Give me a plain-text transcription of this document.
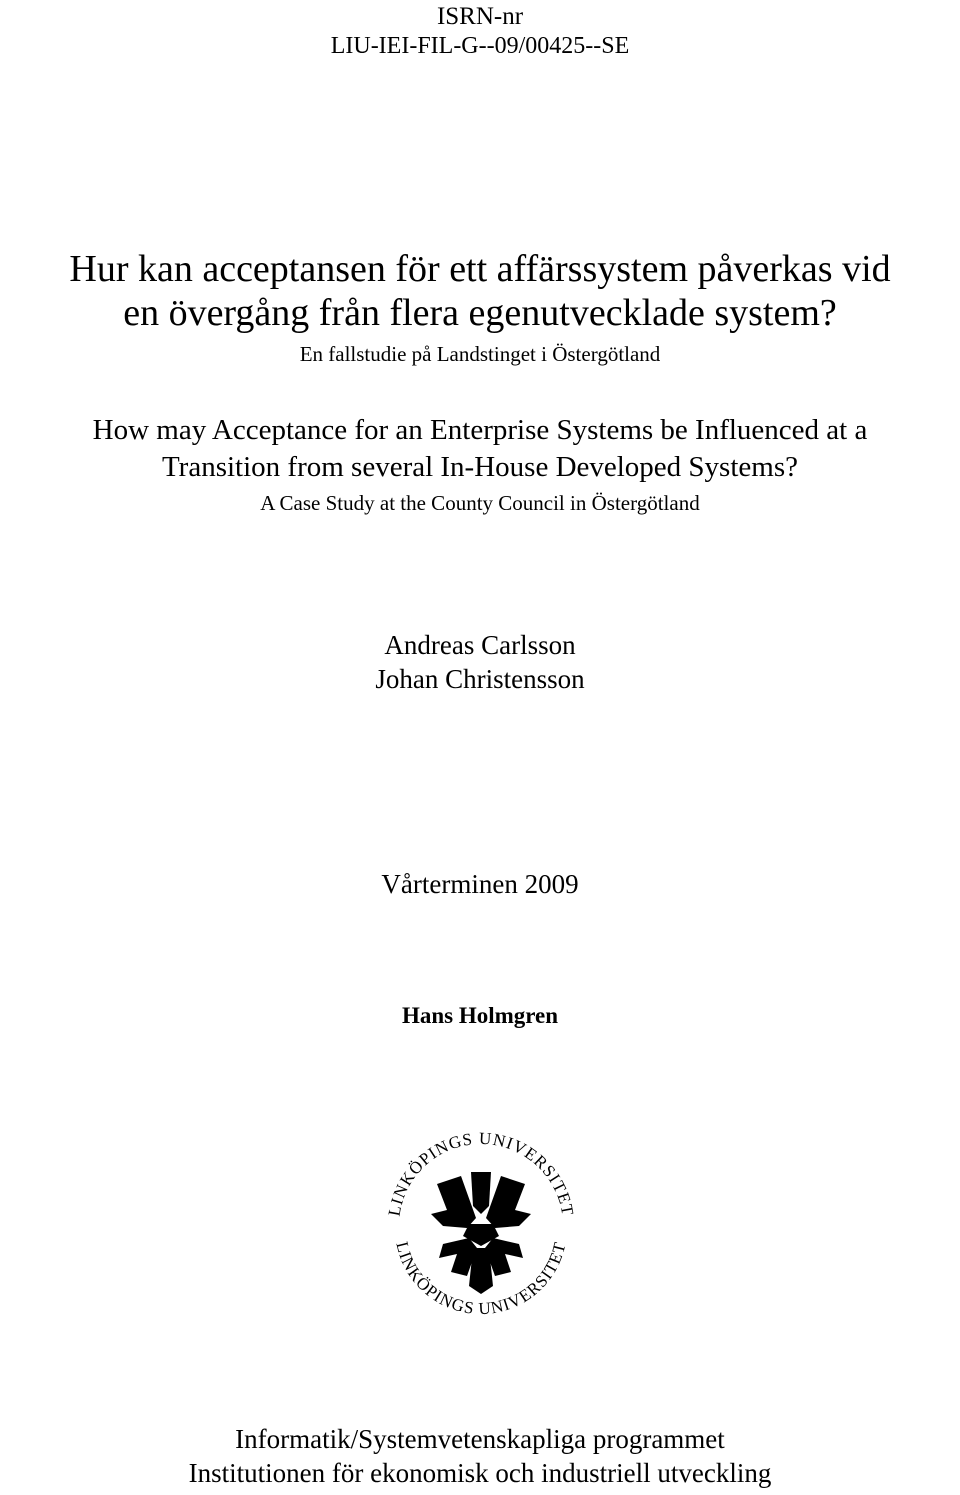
ISRN-nr
LIU-IEI-FIL-G--09/00425--SE
Hur kan acceptansen för ett affärssystem påverkas vid
en övergång från flera egenutvecklade system?
En fallstudie på Landstinget i Östergötland
How may Acceptance for an Enterprise Systems be Influenced at a
Transition from several In-House Developed Systems?
A Case Study at the County Council in Östergötland
Andreas Carlsson
Johan Christensson
Vårterminen 2009
Hans Holmgren
LINKÖPINGS UNIVERSITET
LINKÖPINGS UNIVERSITET
Informatik/Systemvetenskapliga programmet
Institutionen för ekonomisk och industriell utveckling
